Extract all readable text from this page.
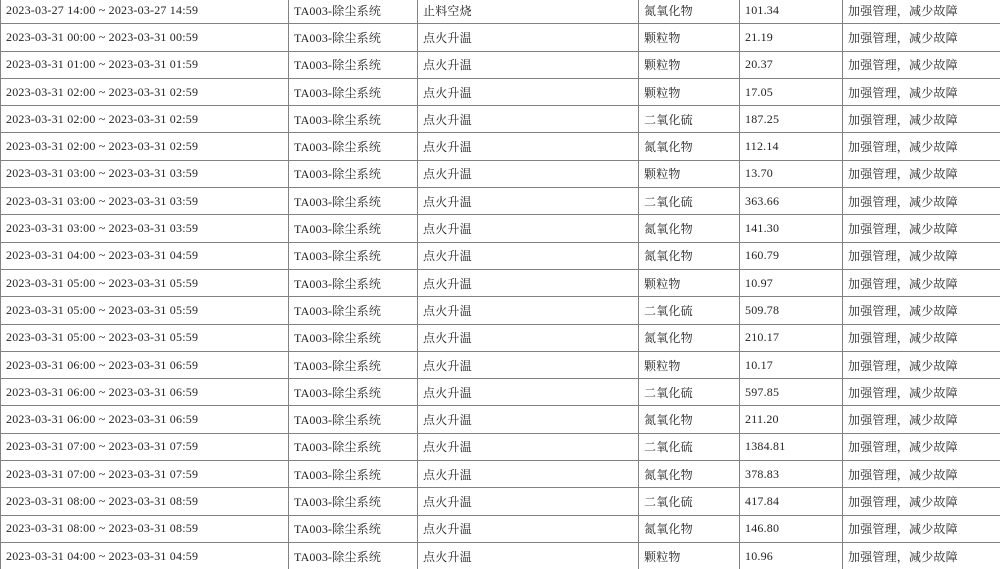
2023-03-27 14:00 ~ 2023-03-27 14:59	TA003-除尘系统	止料空烧	氮氧化物	101.34	加强管理，减少故障
2023-03-31 00:00 ~ 2023-03-31 00:59	TA003-除尘系统	点火升温	颗粒物	21.19	加强管理，减少故障
2023-03-31 01:00 ~ 2023-03-31 01:59	TA003-除尘系统	点火升温	颗粒物	20.37	加强管理，减少故障
2023-03-31 02:00 ~ 2023-03-31 02:59	TA003-除尘系统	点火升温	颗粒物	17.05	加强管理，减少故障
2023-03-31 02:00 ~ 2023-03-31 02:59	TA003-除尘系统	点火升温	二氧化硫	187.25	加强管理，减少故障
2023-03-31 02:00 ~ 2023-03-31 02:59	TA003-除尘系统	点火升温	氮氧化物	112.14	加强管理，减少故障
2023-03-31 03:00 ~ 2023-03-31 03:59	TA003-除尘系统	点火升温	颗粒物	13.70	加强管理，减少故障
2023-03-31 03:00 ~ 2023-03-31 03:59	TA003-除尘系统	点火升温	二氧化硫	363.66	加强管理，减少故障
2023-03-31 03:00 ~ 2023-03-31 03:59	TA003-除尘系统	点火升温	氮氧化物	141.30	加强管理，减少故障
2023-03-31 04:00 ~ 2023-03-31 04:59	TA003-除尘系统	点火升温	氮氧化物	160.79	加强管理，减少故障
2023-03-31 05:00 ~ 2023-03-31 05:59	TA003-除尘系统	点火升温	颗粒物	10.97	加强管理，减少故障
2023-03-31 05:00 ~ 2023-03-31 05:59	TA003-除尘系统	点火升温	二氧化硫	509.78	加强管理，减少故障
2023-03-31 05:00 ~ 2023-03-31 05:59	TA003-除尘系统	点火升温	氮氧化物	210.17	加强管理，减少故障
2023-03-31 06:00 ~ 2023-03-31 06:59	TA003-除尘系统	点火升温	颗粒物	10.17	加强管理，减少故障
2023-03-31 06:00 ~ 2023-03-31 06:59	TA003-除尘系统	点火升温	二氧化硫	597.85	加强管理，减少故障
2023-03-31 06:00 ~ 2023-03-31 06:59	TA003-除尘系统	点火升温	氮氧化物	211.20	加强管理，减少故障
2023-03-31 07:00 ~ 2023-03-31 07:59	TA003-除尘系统	点火升温	二氧化硫	1384.81	加强管理，减少故障
2023-03-31 07:00 ~ 2023-03-31 07:59	TA003-除尘系统	点火升温	氮氧化物	378.83	加强管理，减少故障
2023-03-31 08:00 ~ 2023-03-31 08:59	TA003-除尘系统	点火升温	二氧化硫	417.84	加强管理，减少故障
2023-03-31 08:00 ~ 2023-03-31 08:59	TA003-除尘系统	点火升温	氮氧化物	146.80	加强管理，减少故障
2023-03-31 04:00 ~ 2023-03-31 04:59	TA003-除尘系统	点火升温	颗粒物	10.96	加强管理，减少故障
